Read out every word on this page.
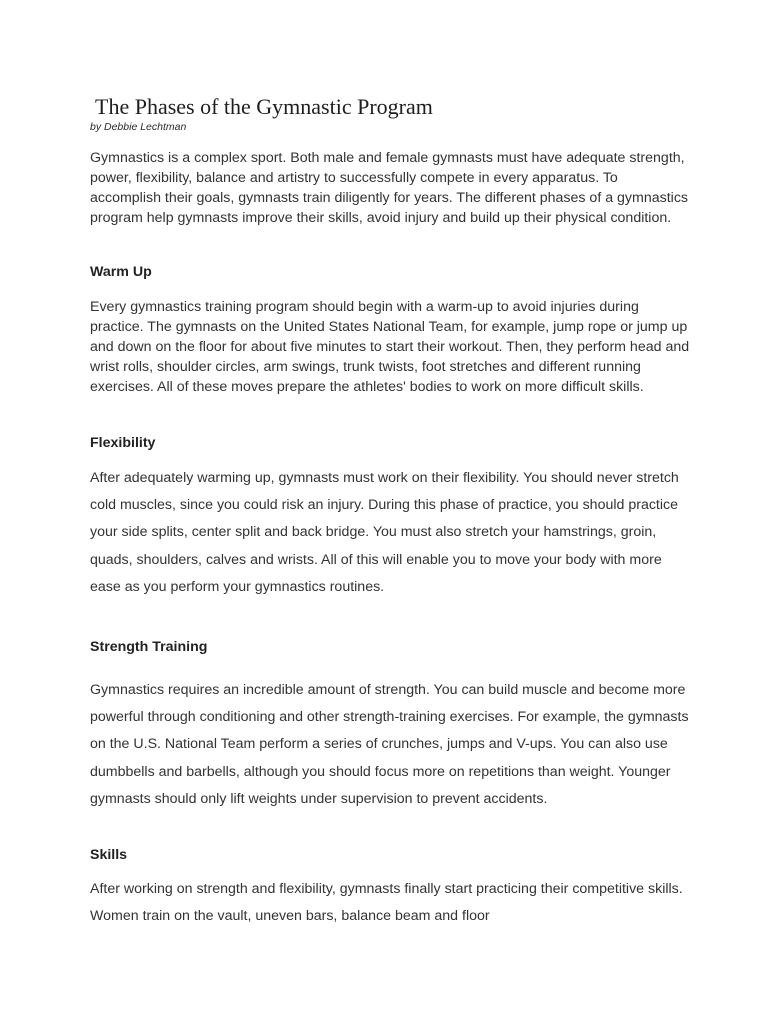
The Phases of the Gymnastic Program

by Debbie Lechtman

Gymnastics is a complex sport. Both male and female gymnasts must have adequate strength, power, flexibility, balance and artistry to successfully compete in every apparatus. To accomplish their goals, gymnasts train diligently for years. The different phases of a gymnastics program help gymnasts improve their skills, avoid injury and build up their physical condition.

Warm Up

Every gymnastics training program should begin with a warm-up to avoid injuries during practice. The gymnasts on the United States National Team, for example, jump rope or jump up and down on the floor for about five minutes to start their workout. Then, they perform head and wrist rolls, shoulder circles, arm swings, trunk twists, foot stretches and different running exercises. All of these moves prepare the athletes' bodies to work on more difficult skills.

Flexibility

After adequately warming up, gymnasts must work on their flexibility. You should never stretch cold muscles, since you could risk an injury. During this phase of practice, you should practice your side splits, center split and back bridge. You must also stretch your hamstrings, groin, quads, shoulders, calves and wrists. All of this will enable you to move your body with more ease as you perform your gymnastics routines.

Strength Training

Gymnastics requires an incredible amount of strength. You can build muscle and become more powerful through conditioning and other strength-training exercises. For example, the gymnasts on the U.S. National Team perform a series of crunches, jumps and V-ups. You can also use dumbbells and barbells, although you should focus more on repetitions than weight. Younger gymnasts should only lift weights under supervision to prevent accidents.

Skills

After working on strength and flexibility, gymnasts finally start practicing their competitive skills. Women train on the vault, uneven bars, balance beam and floor
